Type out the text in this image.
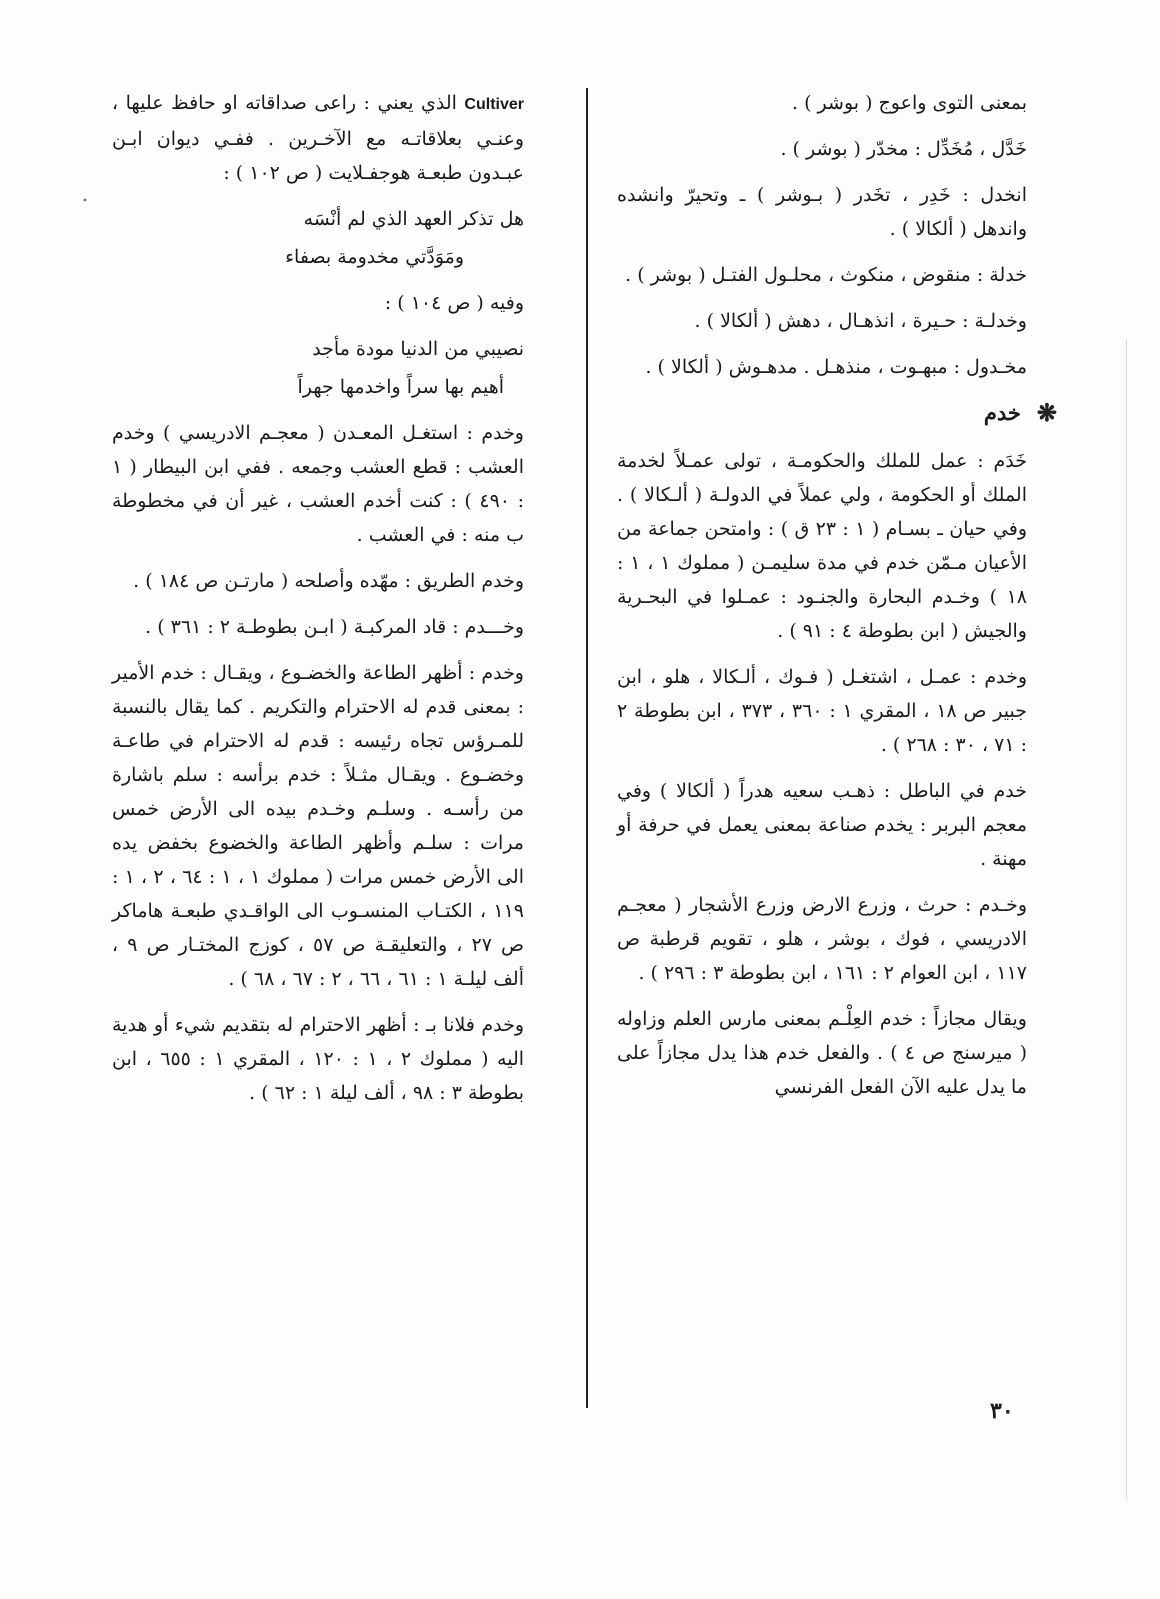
بمعنى التوى واعوج ( بوشر ) .

خَدَّل ، مُخَدِّل : مخدّر ( بوشر ) .

انخدل : خَدِر ، تخَدر ( بـوشر ) ـ وتحيرّ وانشده واندهل ( ألكالا ) .

خدلة : منقوض ، منكوث ، محلـول الفتـل ( بوشر ) .

وخدلـة : حـيرة ، انذهـال ، دهش ( ألكالا ) .

مخـدول : مبهـوت ، منذهـل . مدهـوش ( ألكالا ) .

❋
خدم

خَدَم : عمل للملك والحكومـة ، تولى عمـلاً لخدمة الملك أو الحكومة ، ولي عملاً في الدولـة ( ألـكالا ) . وفي حيان ـ بسـام ( ١ : ٢٣ ق ) : وامتحن جماعة من الأعيان مـمّن خدم في مدة سليمـن ( مملوك ١ ، ١ : ١٨ ) وخـدم البحارة والجنـود : عمـلوا في البحـرية والجيش ( ابن بطوطة ٤ : ٩١ ) .

وخدم : عمـل ، اشتغـل ( فـوك ، ألـكالا ، هلو ، ابن جبير ص ١٨ ، المقري ١ : ٣٦٠ ، ٣٧٣ ، ابن بطوطة ٢ : ٧١ ، ٣٠ : ٢٦٨ ) .

خدم في الباطل : ذهـب سعيه هدراً ( ألكالا ) وفي معجم البربر : يخدم صناعة بمعنى يعمل في حرفة أو مهنة .

وخـدم : حرث ، وزرع الارض وزرع الأشجار ( معجـم الادريسي ، فوك ، بوشر ، هلو ، تقويم قرطبة ص ١١٧ ، ابن العوام ٢ : ١٦١ ، ابن بطوطة ٣ : ٢٩٦ ) .

ويقال مجازاً : خدم العِلْـم بمعنى مارس العلم وزاوله ( ميرسنج ص ٤ ) . والفعل خدم هذا يدل مجازاً على ما يدل عليه الآن الفعل الفرنسي

Cultiver الذي يعني : راعى صداقاته او حافظ عليها ، وعنـي بعلاقاتـه مع الآخـرين . ففـي ديوان ابـن عبـدون طبعـة هوجفـلايت ( ص ١٠٢ ) :

هل تذكر العهد الذي لم أنْسَه

ومَوَدَّتي مخدومة بصفاء

وفيه ( ص ١٠٤ ) :

نصيبي من الدنيا مودة مأجد

أهيم بها سراً واخدمها جهراً

وخدم : استغـل المعـدن ( معجـم الادريسي ) وخدم العشب : قطع العشب وجمعه . ففي ابن البيطار ( ١ : ٤٩٠ ) : كنت أخدم العشب ، غير أن في مخطوطة ب منه : في العشب .

وخدم الطريق : مهّده وأصلحه ( مارتـن ص ١٨٤ ) .

وخـــدم : قاد المركبـة ( ابـن بطوطـة ٢ : ٣٦١ ) .

وخدم : أظهر الطاعة والخضـوع ، ويقـال : خدم الأمير : بمعنى قدم له الاحترام والتكريم . كما يقال بالنسبة للمـرؤس تجاه رئيسه : قدم له الاحترام في طاعـة وخضـوع . ويقـال مثـلاً : خدم برأسه : سلم باشارة من رأسـه . وسلـم وخـدم بيده الى الأرض خمس مرات : سلـم وأظهر الطاعة والخضوع بخفض يده الى الأرض خمس مرات ( مملوك ١ ، ١ : ٦٤ ، ٢ ، ١ : ١١٩ ، الكتـاب المنسـوب الى الواقـدي طبعـة هاماكر ص ٢٧ ، والتعليقـة ص ٥٧ ، كوزج المختـار ص ٩ ، ألف ليلـة ١ : ٦١ ، ٦٦ ، ٢ : ٦٧ ، ٦٨ ) .

وخدم فلانا بـ : أظهر الاحترام له بتقديم شيء أو هدية اليه ( مملوك ٢ ، ١ : ١٢٠ ، المقري ١ : ٦٥٥ ، ابن بطوطة ٣ : ٩٨ ، ألف ليلة ١ : ٦٢ ) .

٣٠
•
